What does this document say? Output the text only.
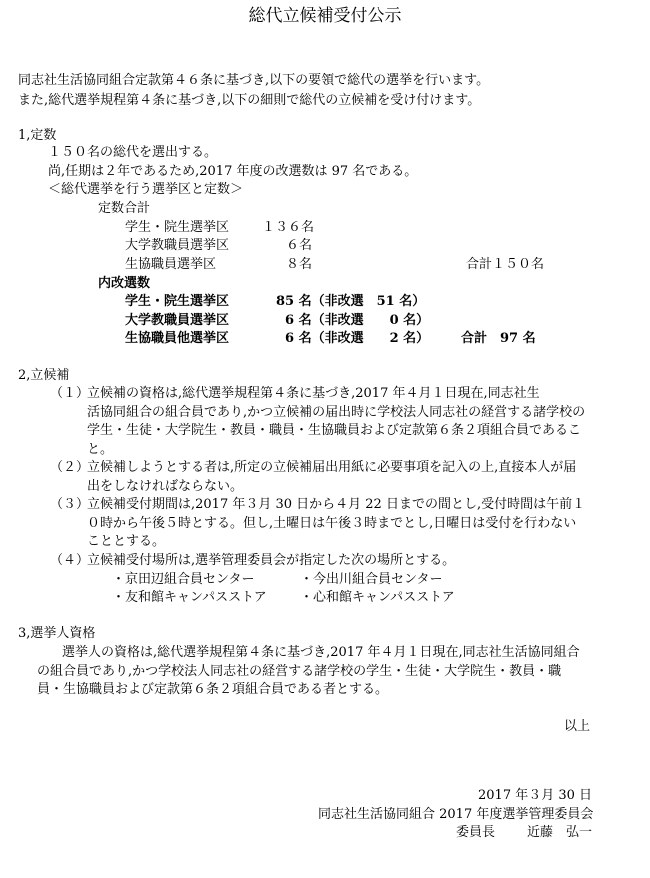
総代立候補受付公示
同志社生活協同組合定款第４６条に基づき,以下の要領で総代の選挙を行います。
また,総代選挙規程第４条に基づき,以下の細則で総代の立候補を受け付けます。
1,定数
１５０名の総代を選出する。
尚,任期は２年であるため,2017 年度の改選数は 97 名である。
＜総代選挙を行う選挙区と定数＞
定数合計
学生・院生選挙区	１３６名
大学教職員選挙区	６名
生協職員選挙区	８名	合計１５０名
内改選数
学生・院生選挙区	85 名（非改選　51 名）
大学教職員選挙区	6 名（非改選　　0 名）
生協職員他選挙区	6 名（非改選　　2 名） 合計　97 名
2,立候補
（１）
立候補の資格は,総代選挙規程第４条に基づき,2017 年４月１日現在,同志社生
活協同組合の組合員であり,かつ立候補の届出時に学校法人同志社の経営する諸学校の
学生・生徒・大学院生・教員・職員・生協職員および定款第６条２項組合員であるこ
と。
（２）
立候補しようとする者は,所定の立候補届出用紙に必要事項を記入の上,直接本人が届
出をしなければならない。
（３）
立候補受付期間は,2017 年３月 30 日から４月 22 日までの間とし,受付時間は午前１
０時から午後５時とする。但し,土曜日は午後３時までとし,日曜日は受付を行わない
こととする。
（４）
立候補受付場所は,選挙管理委員会が指定した次の場所とする。
・京田辺組合員センター	・今出川組合員センター
・友和館キャンパスストア	・心和館キャンパスストア
3,選挙人資格
選挙人の資格は,総代選挙規程第４条に基づき,2017 年４月１日現在,同志社生活協同組合
の組合員であり,かつ学校法人同志社の経営する諸学校の学生・生徒・大学院生・教員・職
員・生協職員および定款第６条２項組合員である者とする。
以上
2017 年３月 30 日
同志社生活協同組合 2017 年度選挙管理委員会
委員長 近藤　弘一
